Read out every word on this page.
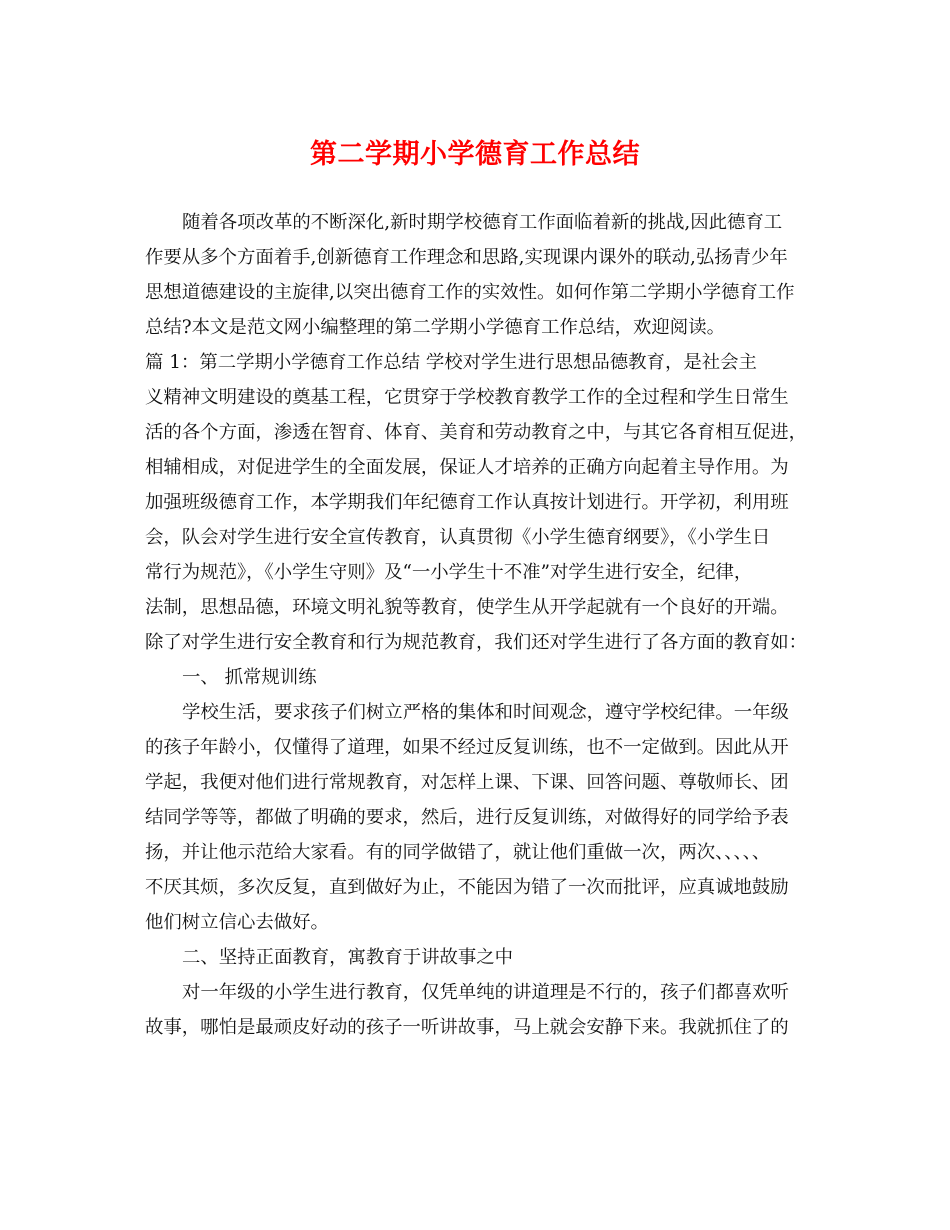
第二学期小学德育工作总结
随着各项改革的不断深化,新时期学校德育工作面临着新的挑战,因此德育工
作要从多个方面着手,创新德育工作理念和思路,实现课内课外的联动,弘扬青少年
思想道德建设的主旋律,以突出德育工作的实效性。如何作第二学期小学德育工作
总结?本文是范文网小编整理的第二学期小学德育工作总结，欢迎阅读。
篇 1：第二学期小学德育工作总结 学校对学生进行思想品德教育，是社会主
义精神文明建设的奠基工程，它贯穿于学校教育教学工作的全过程和学生日常生
活的各个方面，渗透在智育、体育、美育和劳动教育之中，与其它各育相互促进，
相辅相成，对促进学生的全面发展，保证人才培养的正确方向起着主导作用。为
加强班级德育工作，本学期我们年纪德育工作认真按计划进行。开学初，利用班
会，队会对学生进行安全宣传教育，认真贯彻《小学生德育纲要》，《小学生日
常行为规范》，《小学生守则》及“一小学生十不准”对学生进行安全，纪律，
法制，思想品德，环境文明礼貌等教育，使学生从开学起就有一个良好的开端。
除了对学生进行安全教育和行为规范教育，我们还对学生进行了各方面的教育如：
一、 抓常规训练
学校生活，要求孩子们树立严格的集体和时间观念，遵守学校纪律。一年级
的孩子年龄小，仅懂得了道理，如果不经过反复训练，也不一定做到。因此从开
学起，我便对他们进行常规教育，对怎样上课、下课、回答问题、尊敬师长、团
结同学等等，都做了明确的要求，然后，进行反复训练，对做得好的同学给予表
扬，并让他示范给大家看。有的同学做错了，就让他们重做一次，两次、、、、、
不厌其烦，多次反复，直到做好为止，不能因为错了一次而批评，应真诚地鼓励
他们树立信心去做好。
二、坚持正面教育，寓教育于讲故事之中
对一年级的小学生进行教育，仅凭单纯的讲道理是不行的，孩子们都喜欢听
故事，哪怕是最顽皮好动的孩子一听讲故事，马上就会安静下来。我就抓住了的
